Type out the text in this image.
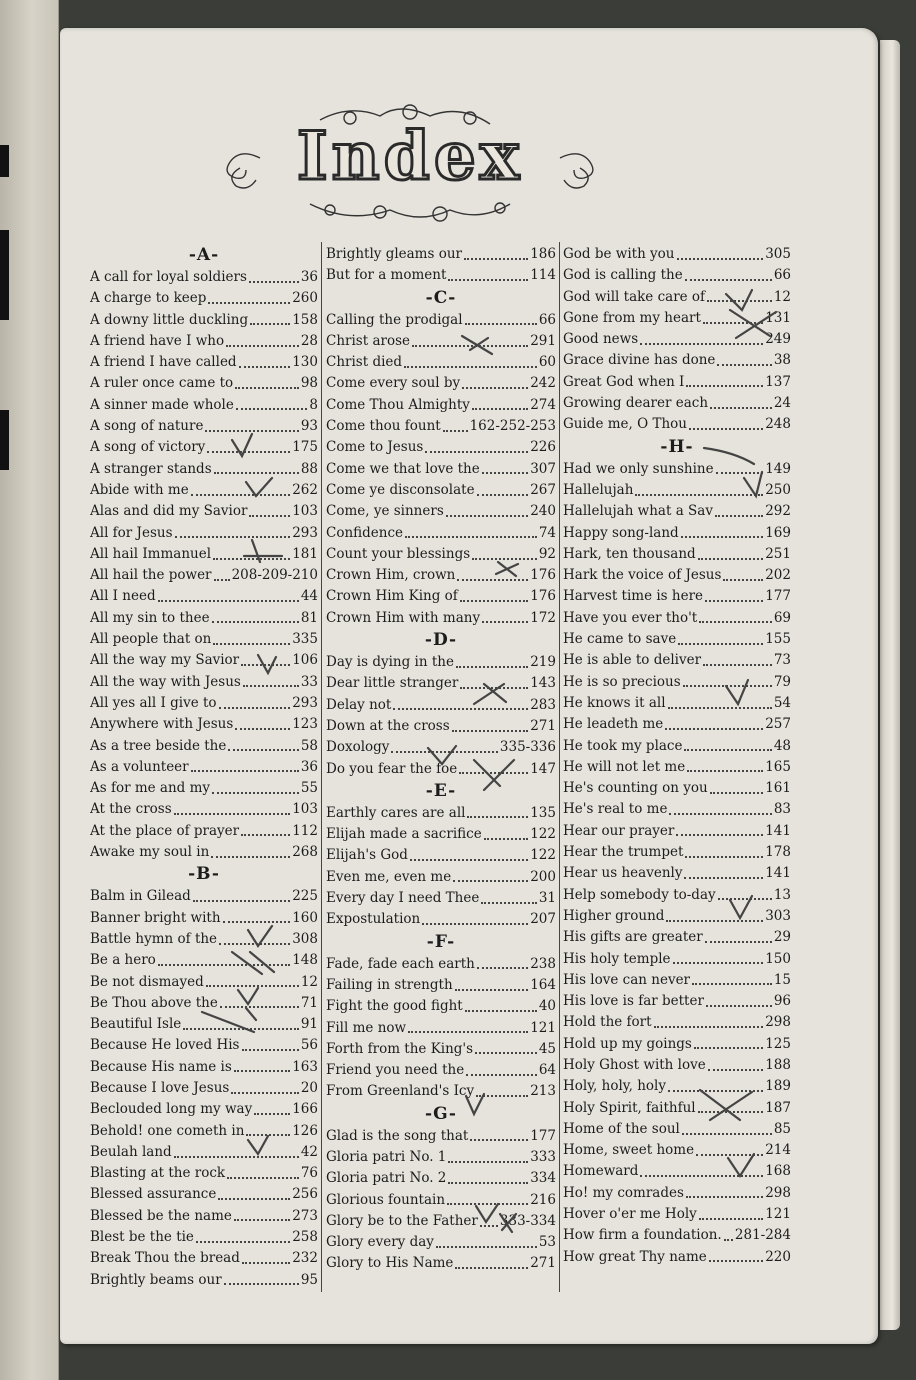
Index
-A-
A call for loyal soldiers	36
A charge to keep	260
A downy little duckling	158
A friend have I who	28
A friend I have called	130
A ruler once came to	98
A sinner made whole	8
A song of nature	93
A song of victory	175
A stranger stands	88
Abide with me	262
Alas and did my Savior	103
All for Jesus	293
All hail Immanuel	181
All hail the power 208-209-210
All I need	44
All my sin to thee	81
All people that on	335
All the way my Savior	106
All the way with Jesus	33
All yes all I give to	293
Anywhere with Jesus	123
As a tree beside the	58
As a volunteer	36
As for me and my	55
At the cross	103
At the place of prayer	112
Awake my soul in	268
-B-
Balm in Gilead	225
Banner bright with	160
Battle hymn of the	308
Be a hero	148
Be not dismayed	12
Be Thou above the	71
Beautiful Isle	91
Because He loved His	56
Because His name is	163
Because I love Jesus	20
Beclouded long my way	166
Behold! one cometh in	126
Beulah land	42
Blasting at the rock	76
Blessed assurance	256
Blessed be the name	273
Blest be the tie	258
Break Thou the bread	232
Brightly beams our	95
Brightly gleams our	186
But for a moment	114
-C-
Calling the prodigal	66
Christ arose	291
Christ died	60
Come every soul by	242
Come Thou Almighty	274
Come thou fount 162-252-253
Come to Jesus	226
Come we that love the	307
Come ye disconsolate	267
Come, ye sinners	240
Confidence	74
Count your blessings	92
Crown Him, crown	176
Crown Him King of	176
Crown Him with many	172
-D-
Day is dying in the	219
Dear little stranger	143
Delay not	283
Down at the cross	271
Doxology	335-336
Do you fear the foe	147
-E-
Earthly cares are all	135
Elijah made a sacrifice	122
Elijah's God	122
Even me, even me	200
Every day I need Thee	31
Expostulation	207
-F-
Fade, fade each earth	238
Failing in strength	164
Fight the good fight	40
Fill me now	121
Forth from the King's	45
Friend you need the	64
From Greenland's Icy	213
-G-
Glad is the song that	177
Gloria patri No. 1	333
Gloria patri No. 2	334
Glorious fountain	216
Glory be to the Father 333-334
Glory every day	53
Glory to His Name	271
God be with you	305
God is calling the	66
God will take care of	12
Gone from my heart	131
Good news	249
Grace divine has done	38
Great God when I	137
Growing dearer each	24
Guide me, O Thou	248
-H-
Had we only sunshine	149
Hallelujah	250
Hallelujah what a Sav	292
Happy song-land	169
Hark, ten thousand	251
Hark the voice of Jesus	202
Harvest time is here	177
Have you ever tho't	69
He came to save	155
He is able to deliver	73
He is so precious	79
He knows it all	54
He leadeth me	257
He took my place	48
He will not let me	165
He's counting on you	161
He's real to me	83
Hear our prayer	141
Hear the trumpet	178
Hear us heavenly	141
Help somebody to-day	13
Higher ground	303
His gifts are greater	29
His holy temple	150
His love can never	15
His love is far better	96
Hold the fort	298
Hold up my goings	125
Holy Ghost with love	188
Holy, holy, holy	189
Holy Spirit, faithful	187
Home of the soul	85
Home, sweet home	214
Homeward	168
Ho! my comrades	298
Hover o'er me Holy	121
How firm a foundation. 281-284
How great Thy name	220
